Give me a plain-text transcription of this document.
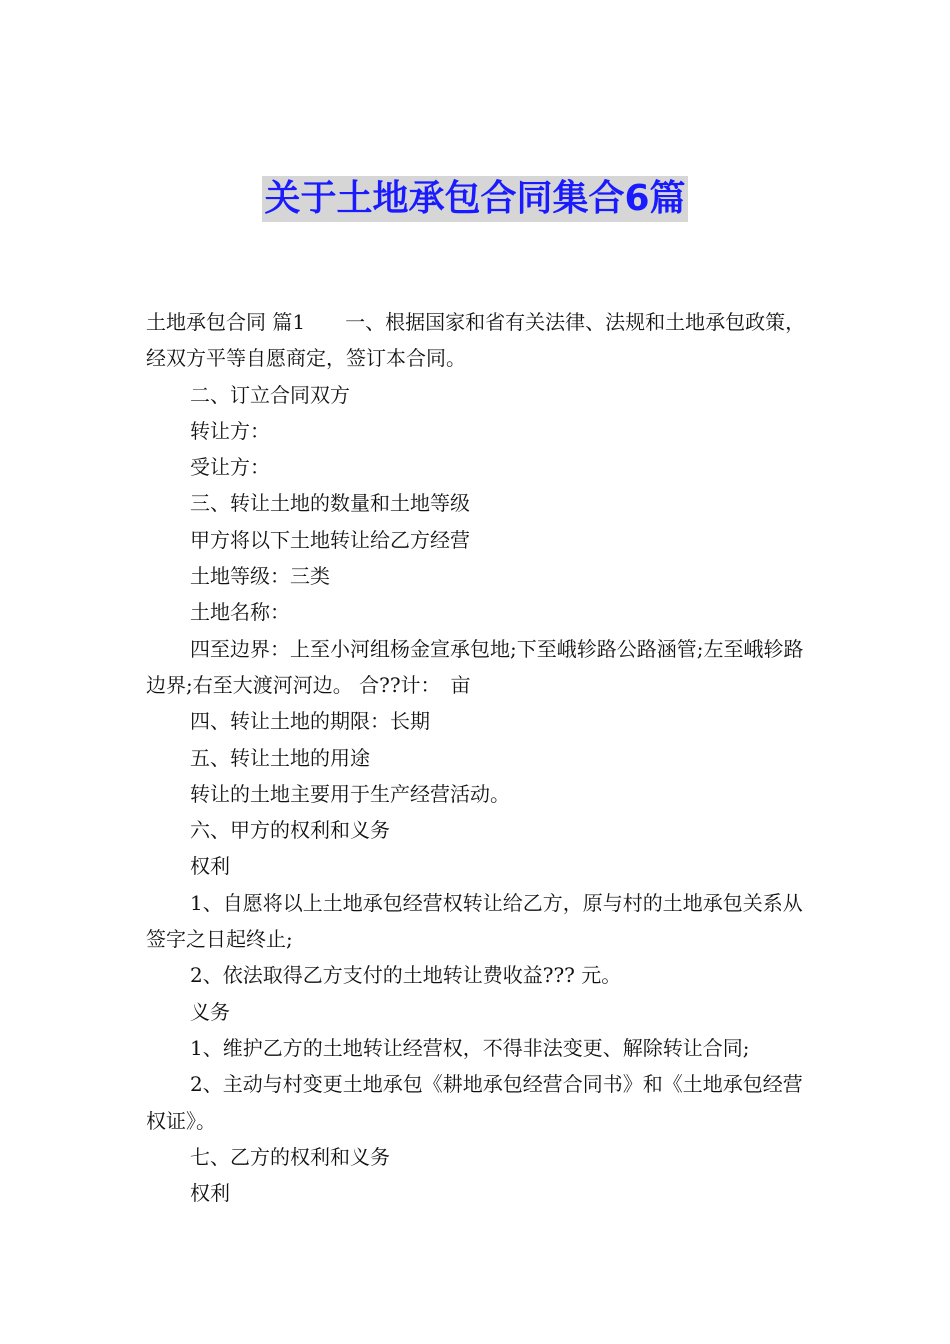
关于土地承包合同集合6篇

土地承包合同 篇1　　一、根据国家和省有关法律、法规和土地承包政策，经双方平等自愿商定，签订本合同。

二、订立合同双方

转让方：

受让方：

三、转让土地的数量和土地等级

甲方将以下土地转让给乙方经营

土地等级：三类

土地名称：

四至边界：上至小河组杨金宣承包地;下至峨轸路公路涵管;左至峨轸路边界;右至大渡河河边。 合??计：　亩

四、转让土地的期限：长期

五、转让土地的用途

转让的土地主要用于生产经营活动。

六、甲方的权利和义务

权利

1、自愿将以上土地承包经营权转让给乙方，原与村的土地承包关系从签字之日起终止;

2、依法取得乙方支付的土地转让费收益??? 元。

义务

1、维护乙方的土地转让经营权，不得非法变更、解除转让合同;

2、主动与村变更土地承包《耕地承包经营合同书》和《土地承包经营权证》。

七、乙方的权利和义务

权利
